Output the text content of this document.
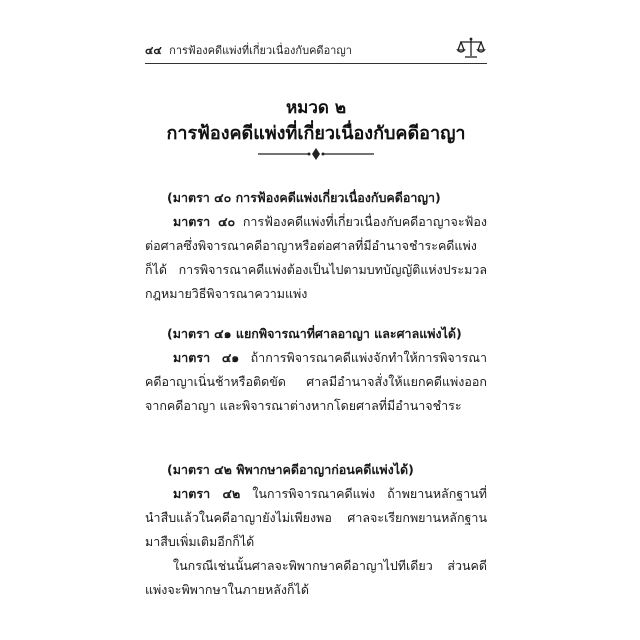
๔๔ การฟ้องคดีแพ่งที่เกี่ยวเนื่องกับคดีอาญา
หมวด ๒
การฟ้องคดีแพ่งที่เกี่ยวเนื่องกับคดีอาญา
(มาตรา ๔๐ การฟ้องคดีแพ่งเกี่ยวเนื่องกับคดีอาญา)

มาตรา ๔๐ การฟ้องคดีแพ่งที่เกี่ยวเนื่องกับคดีอาญาจะฟ้องต่อศาลซึ่งพิจารณาคดีอาญาหรือต่อศาลที่มีอำนาจชำระคดีแพ่งก็ได้ การพิจารณาคดีแพ่งต้องเป็นไปตามบทบัญญัติแห่งประมวลกฎหมายวิธีพิจารณาความแพ่ง

(มาตรา ๔๑ แยกพิจารณาที่ศาลอาญา และศาลแพ่งได้)

มาตรา ๔๑ ถ้าการพิจารณาคดีแพ่งจักทำให้การพิจารณาคดีอาญาเนิ่นช้าหรือติดขัด ศาลมีอำนาจสั่งให้แยกคดีแพ่งออกจากคดีอาญา และพิจารณาต่างหากโดยศาลที่มีอำนาจชำระ

(มาตรา ๔๒ พิพากษาคดีอาญาก่อนคดีแพ่งได้)

มาตรา ๔๒ ในการพิจารณาคดีแพ่ง ถ้าพยานหลักฐานที่นำสืบแล้วในคดีอาญายังไม่เพียงพอ ศาลจะเรียกพยานหลักฐานมาสืบเพิ่มเติมอีกก็ได้

ในกรณีเช่นนั้นศาลจะพิพากษาคดีอาญาไปทีเดียว ส่วนคดีแพ่งจะพิพากษาในภายหลังก็ได้
